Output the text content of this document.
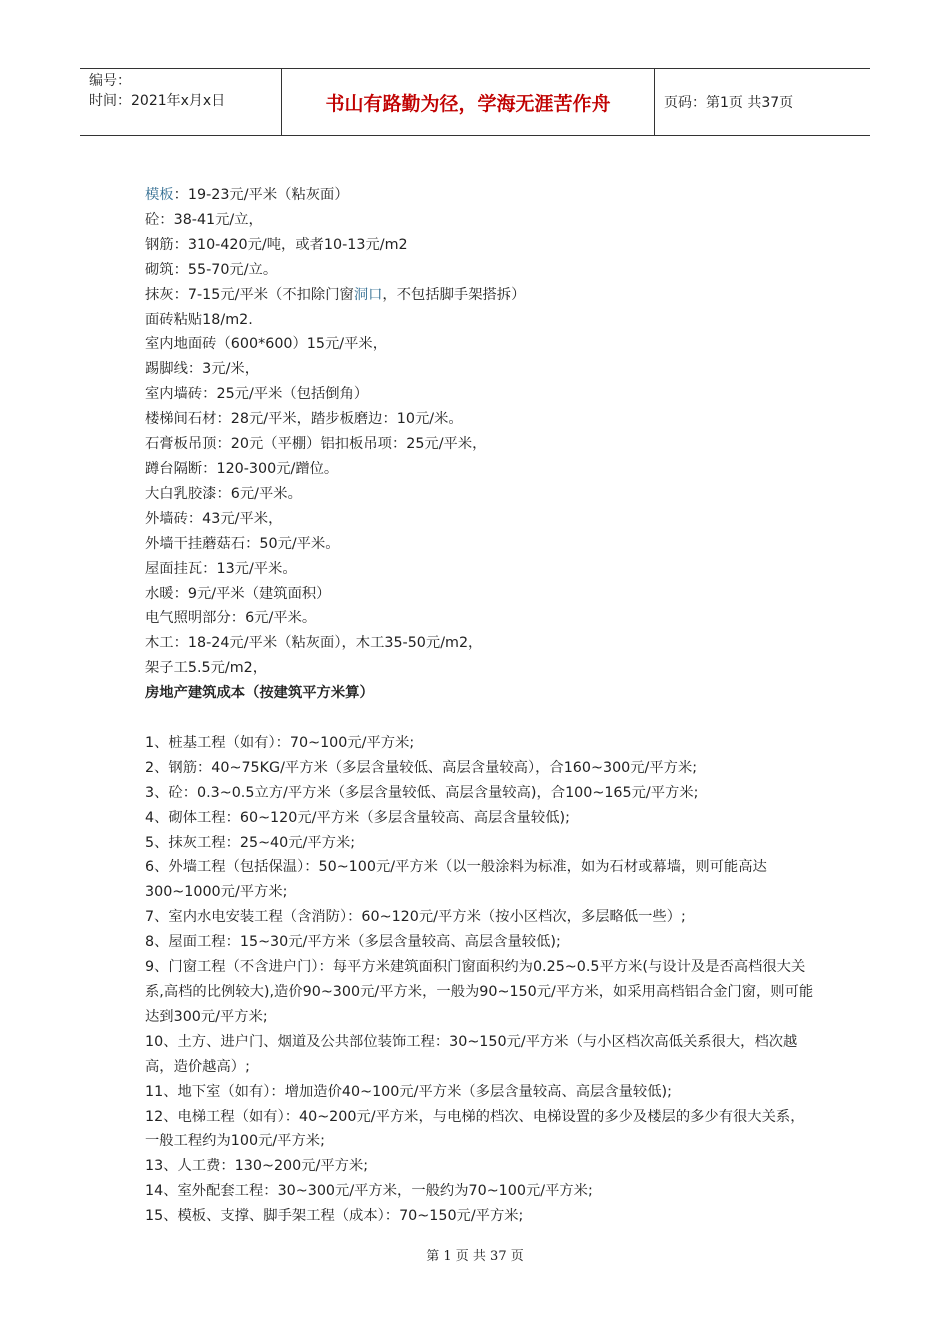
编号：
时间：2021年x月x日	书山有路勤为径，学海无涯苦作舟	页码：第1页 共37页
模板：19-23元/平米（粘灰面）
砼：38-41元/立，
钢筋：310-420元/吨，或者10-13元/m2
砌筑：55-70元/立。
抹灰：7-15元/平米（不扣除门窗洞口，不包括脚手架搭拆）
面砖粘贴18/m2.
室内地面砖（600*600）15元/平米，
踢脚线：3元/米，
室内墙砖：25元/平米（包括倒角）
楼梯间石材：28元/平米，踏步板磨边：10元/米。
石膏板吊顶：20元（平棚）铝扣板吊项：25元/平米，
蹲台隔断：120-300元/蹭位。
大白乳胶漆：6元/平米。
外墙砖：43元/平米，
外墙干挂蘑菇石：50元/平米。
屋面挂瓦：13元/平米。
水暖：9元/平米（建筑面积）
电气照明部分：6元/平米。
木工：18-24元/平米（粘灰面），木工35-50元/m2，
架子工5.5元/m2，
房地产建筑成本（按建筑平方米算）
1、桩基工程（如有）：70~100元/平方米;
2、钢筋：40~75KG/平方米（多层含量较低、高层含量较高），合160~300元/平方米;
3、砼：0.3~0.5立方/平方米（多层含量较低、高层含量较高)，合100~165元/平方米;
4、砌体工程：60~120元/平方米（多层含量较高、高层含量较低);
5、抹灰工程：25~40元/平方米;
6、外墙工程（包括保温）：50~100元/平方米（以一般涂料为标准，如为石材或幕墙，则可能高达300~1000元/平方米;
7、室内水电安装工程（含消防）：60~120元/平方米（按小区档次，多层略低一些）;
8、屋面工程：15~30元/平方米（多层含量较高、高层含量较低);
9、门窗工程（不含进户门）：每平方米建筑面积门窗面积约为0.25~0.5平方米(与设计及是否高档很大关系,高档的比例较大),造价90~300元/平方米，一般为90~150元/平方米，如采用高档铝合金门窗，则可能达到300元/平方米;
10、土方、进户门、烟道及公共部位装饰工程：30~150元/平方米（与小区档次高低关系很大，档次越高，造价越高）;
11、地下室（如有）：增加造价40~100元/平方米（多层含量较高、高层含量较低);
12、电梯工程（如有）：40~200元/平方米，与电梯的档次、电梯设置的多少及楼层的多少有很大关系，一般工程约为100元/平方米;
13、人工费：130~200元/平方米;
14、室外配套工程：30~300元/平方米，一般约为70~100元/平方米;
15、模板、支撑、脚手架工程（成本）：70~150元/平方米;
第 1 页 共 37 页
